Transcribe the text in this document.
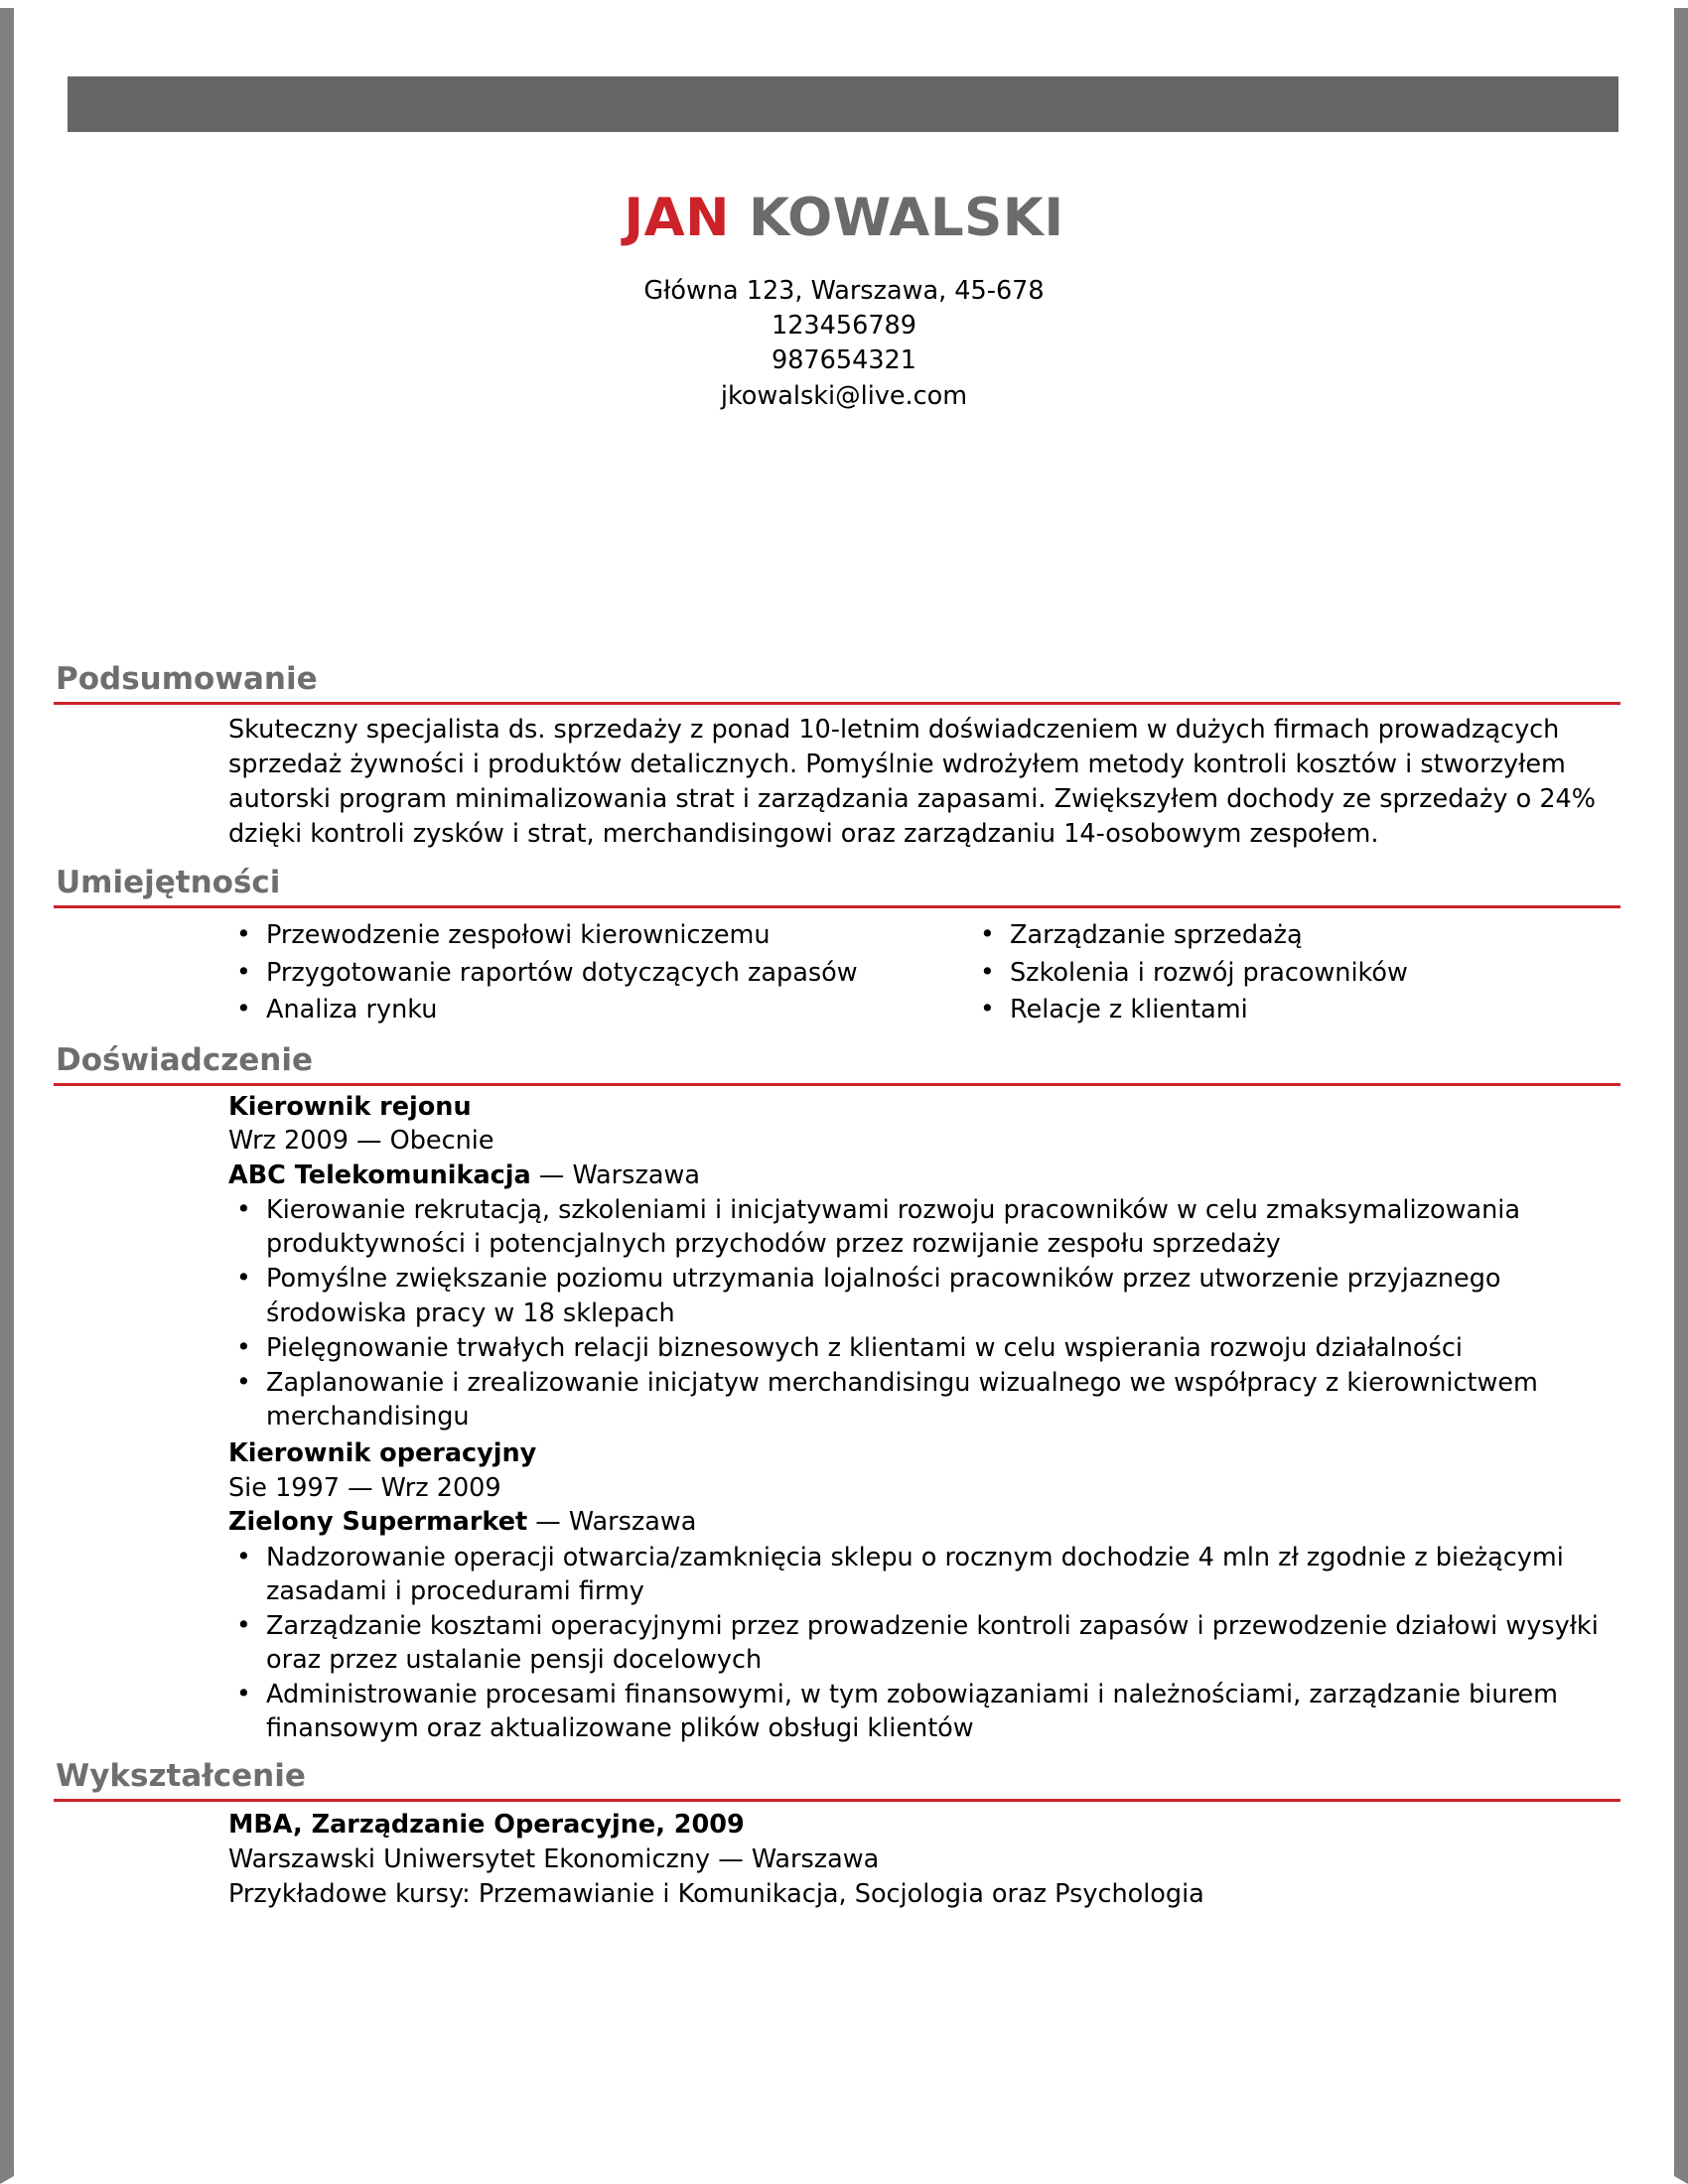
JAN KOWALSKI
Główna 123, Warszawa, 45-678
123456789
987654321
jkowalski@live.com
Podsumowanie
Skuteczny specjalista ds. sprzedaży z ponad 10-letnim doświadczeniem w dużych firmach prowadzących sprzedaż żywności i produktów detalicznych. Pomyślnie wdrożyłem metody kontroli kosztów i stworzyłem autorski program minimalizowania strat i zarządzania zapasami. Zwiększyłem dochody ze sprzedaży o 24% dzięki kontroli zysków i strat, merchandisingowi oraz zarządzaniu 14-osobowym zespołem.
Umiejętności
• Przewodzenie zespołowi kierowniczemu
• Przygotowanie raportów dotyczących zapasów
• Analiza rynku
• Zarządzanie sprzedażą
• Szkolenia i rozwój pracowników
• Relacje z klientami
Doświadczenie
Kierownik rejonu
Wrz 2009 — Obecnie
ABC Telekomunikacja — Warszawa
• Kierowanie rekrutacją, szkoleniami i inicjatywami rozwoju pracowników w celu zmaksymalizowania produktywności i potencjalnych przychodów przez rozwijanie zespołu sprzedaży
• Pomyślne zwiększanie poziomu utrzymania lojalności pracowników przez utworzenie przyjaznego środowiska pracy w 18 sklepach
• Pielęgnowanie trwałych relacji biznesowych z klientami w celu wspierania rozwoju działalności
• Zaplanowanie i zrealizowanie inicjatyw merchandisingu wizualnego we współpracy z kierownictwem merchandisingu
Kierownik operacyjny
Sie 1997 — Wrz 2009
Zielony Supermarket — Warszawa
• Nadzorowanie operacji otwarcia/zamknięcia sklepu o rocznym dochodzie 4 mln zł zgodnie z bieżącymi zasadami i procedurami firmy
• Zarządzanie kosztami operacyjnymi przez prowadzenie kontroli zapasów i przewodzenie działowi wysyłki oraz przez ustalanie pensji docelowych
• Administrowanie procesami finansowymi, w tym zobowiązaniami i należnościami, zarządzanie biurem finansowym oraz aktualizowane plików obsługi klientów
Wykształcenie
MBA, Zarządzanie Operacyjne, 2009
Warszawski Uniwersytet Ekonomiczny — Warszawa
Przykładowe kursy: Przemawianie i Komunikacja, Socjologia oraz Psychologia
